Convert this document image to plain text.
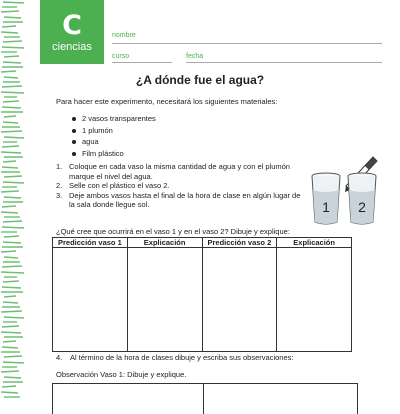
C
ciencias
2° básico
nombre
curso	fecha
¿A dónde fue el agua?
Para hacer este experimento, necesitará los siguientes materiales:
2 vasos transparentes
1 plumón
agua
Film plástico
1. Coloque en cada vaso la misma cantidad de agua y con el plumón marque el nivel del agua.
2. Selle con el plástico el vaso 2.
3. Deje ambos vasos hasta el final de la hora de clase en algún lugar de la sala donde llegue sol.	1 2
¿Qué cree que ocurrirá en el vaso 1 y en el vaso 2? Dibuje y explique:
Predicción vaso 1	Explicación	Predicción vaso 2	Explicación

4. Al término de la hora de clases dibuje y escriba sus observaciones:
Observación Vaso 1: Dibuje y explique.
